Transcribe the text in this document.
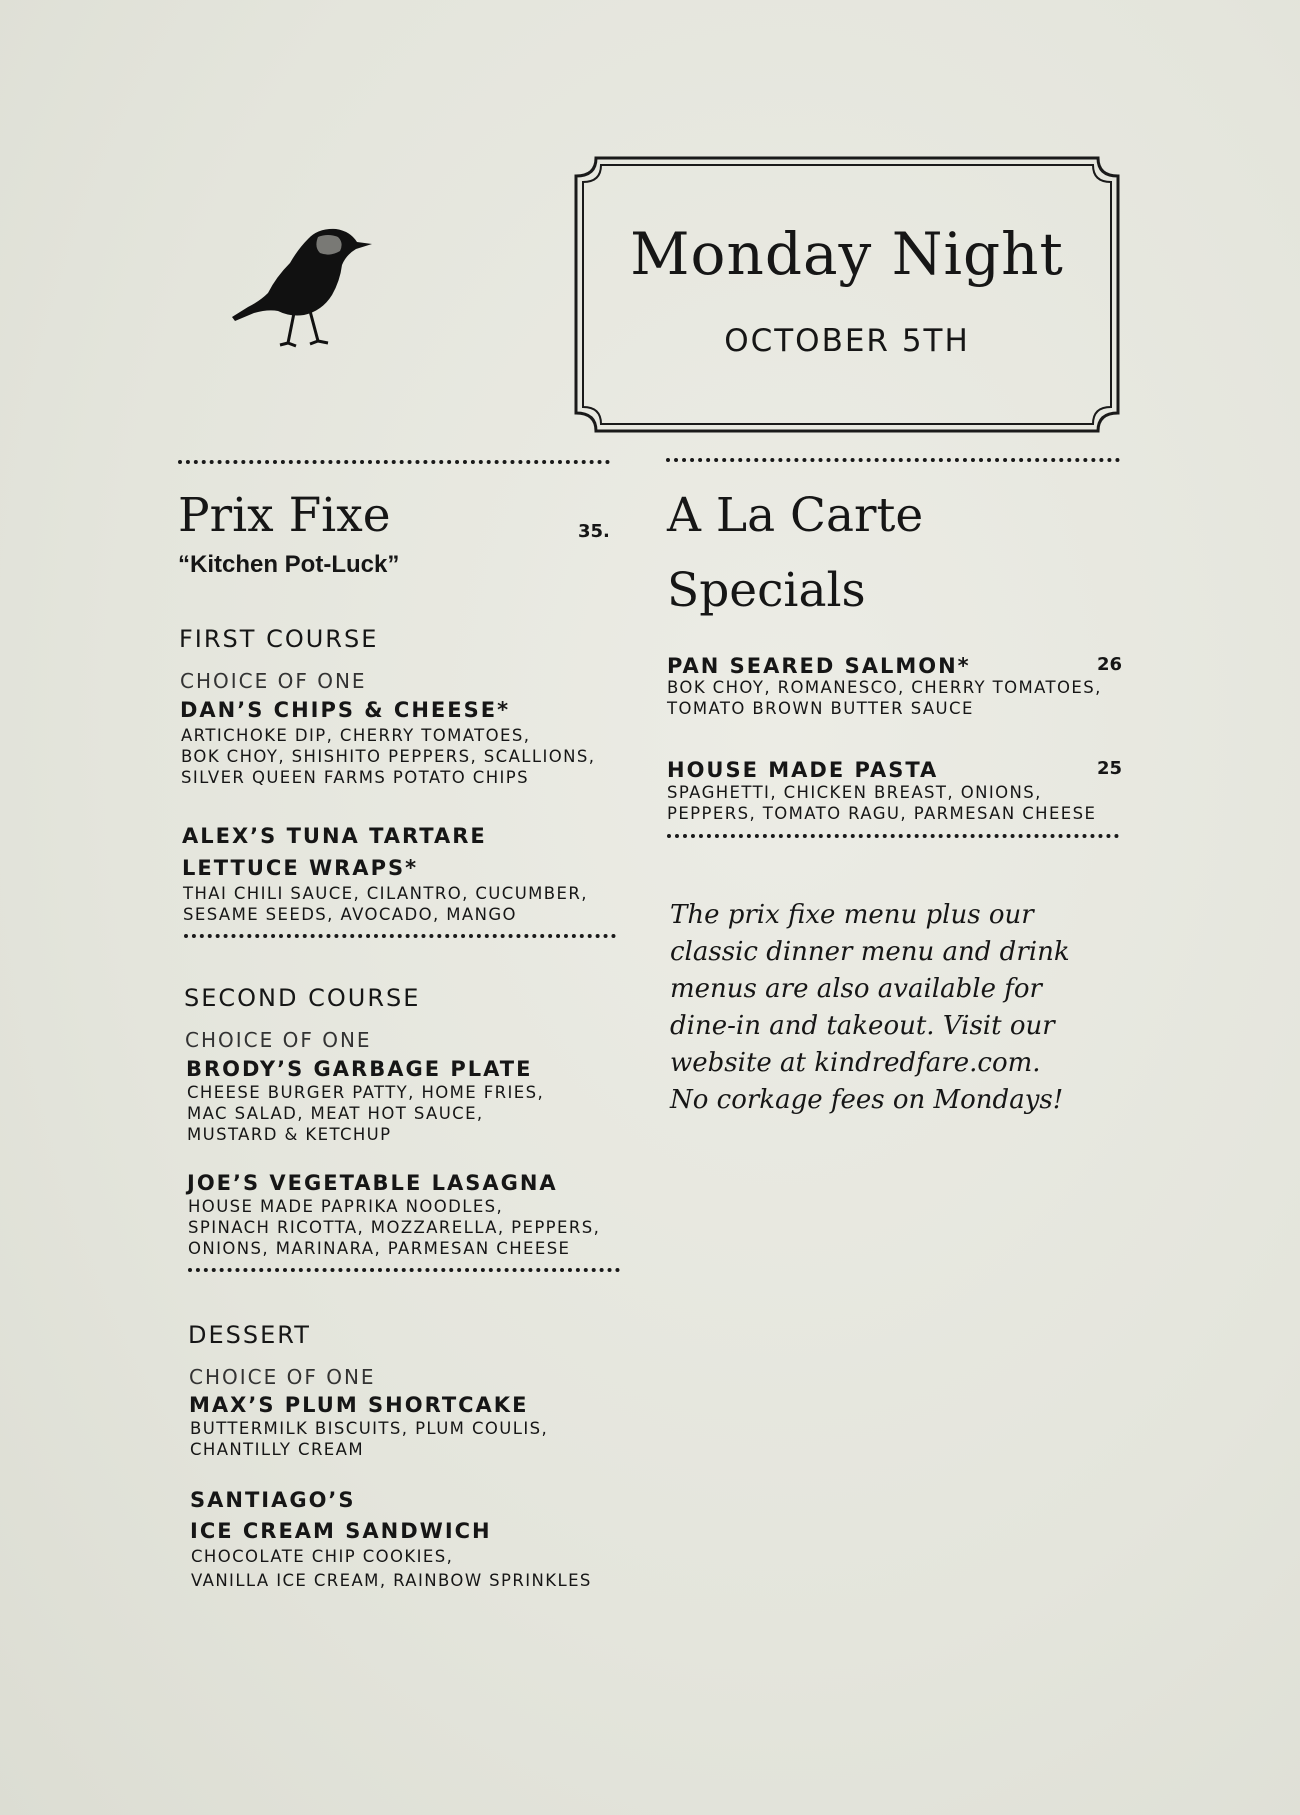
Monday Night
OCTOBER 5TH
Prix Fixe	35.
“Kitchen Pot-Luck”
FIRST COURSE
CHOICE OF ONE
DAN’S CHIPS & CHEESE*
ARTICHOKE DIP, CHERRY TOMATOES,
BOK CHOY, SHISHITO PEPPERS, SCALLIONS,
SILVER QUEEN FARMS POTATO CHIPS
ALEX’S TUNA TARTARE
LETTUCE WRAPS*
THAI CHILI SAUCE, CILANTRO, CUCUMBER,
SESAME SEEDS, AVOCADO, MANGO
SECOND COURSE
CHOICE OF ONE
BRODY’S GARBAGE PLATE
CHEESE BURGER PATTY, HOME FRIES,
MAC SALAD, MEAT HOT SAUCE,
MUSTARD & KETCHUP
JOE’S VEGETABLE LASAGNA
HOUSE MADE PAPRIKA NOODLES,
SPINACH RICOTTA, MOZZARELLA, PEPPERS,
ONIONS, MARINARA, PARMESAN CHEESE
DESSERT
CHOICE OF ONE
MAX’S PLUM SHORTCAKE
BUTTERMILK BISCUITS, PLUM COULIS,
CHANTILLY CREAM
SANTIAGO’S
ICE CREAM SANDWICH
CHOCOLATE CHIP COOKIES,
VANILLA ICE CREAM, RAINBOW SPRINKLES
A La Carte
Specials
PAN SEARED SALMON*	26
BOK CHOY, ROMANESCO, CHERRY TOMATOES,
TOMATO BROWN BUTTER SAUCE
HOUSE MADE PASTA	25
SPAGHETTI, CHICKEN BREAST, ONIONS,
PEPPERS, TOMATO RAGU, PARMESAN CHEESE
The prix fixe menu plus our
classic dinner menu and drink
menus are also available for
dine-in and takeout. Visit our
website at kindredfare.com.
No corkage fees on Mondays!
